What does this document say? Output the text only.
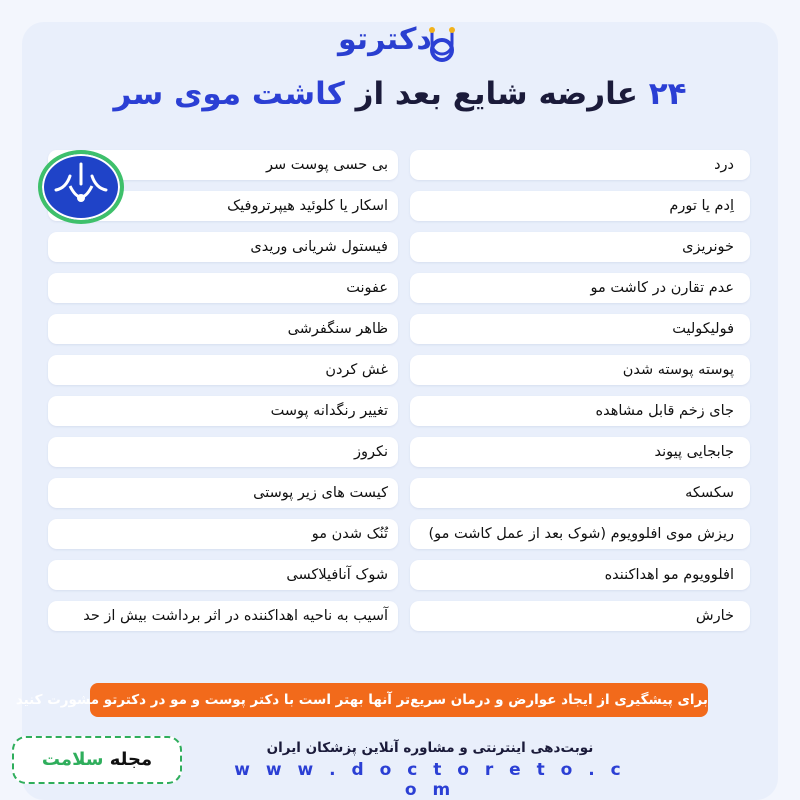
دکترتو
۲۴ عارضه شایع بعد از کاشت موی سر
درد
اِدم یا تورم
خونریزی
عدم تقارن در کاشت مو
فولیکولیت
پوسته پوسته شدن
جای زخم قابل مشاهده
جابجایی پیوند
سکسکه
ریزش موی افلوویوم (شوک بعد از عمل کاشت مو)
افلوویوم مو اهداکننده
خارش
بی حسی پوست سر
اسکار یا کلوئید هیپرتروفیک
فیستول شریانی وریدی
عفونت
ظاهر سنگفرشی
غش کردن
تغییر رنگدانه پوست
نکروز
کیست های زیر پوستی
تُنُک شدن مو
شوک آنافیلاکسی
آسیب به ناحیه اهداکننده در اثر برداشت بیش از حد
برای پیشگیری از ایجاد عوارض و درمان سریع‌تر آنها بهتر است با دکتر پوست و مو در دکترتو مشورت کنید
مجله سلامت
نوبت‌دهی اینترنتی و مشاوره آنلاین پزشکان ایران
w w w . d o c t o r e t o . c o m
